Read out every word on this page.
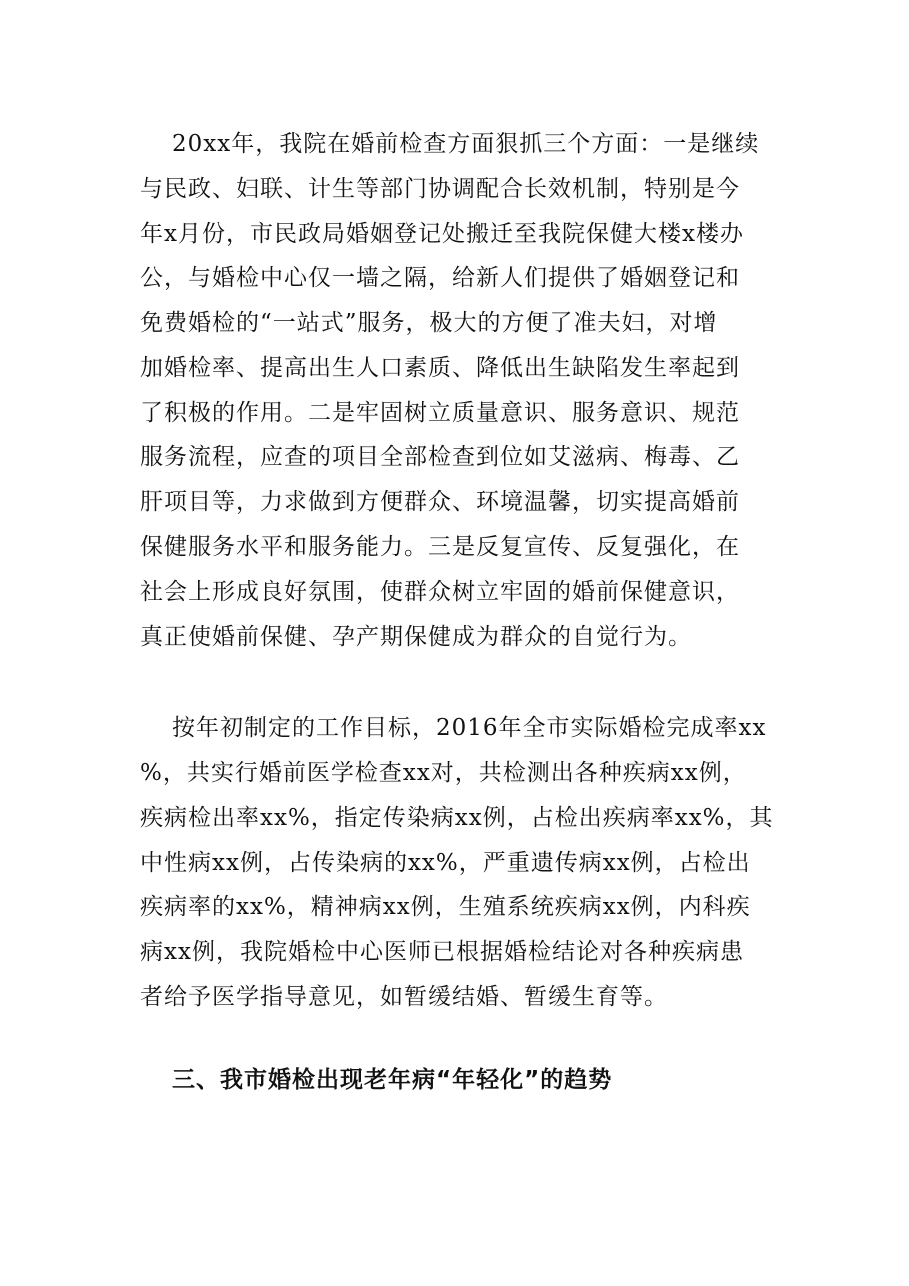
20xx年，我院在婚前检查方面狠抓三个方面：一是继续
与民政、妇联、计生等部门协调配合长效机制，特别是今
年x月份，市民政局婚姻登记处搬迁至我院保健大楼x楼办
公，与婚检中心仅一墙之隔，给新人们提供了婚姻登记和
免费婚检的“一站式”服务，极大的方便了准夫妇，对增
加婚检率、提高出生人口素质、降低出生缺陷发生率起到
了积极的作用。二是牢固树立质量意识、服务意识、规范
服务流程，应查的项目全部检查到位如艾滋病、梅毒、乙
肝项目等，力求做到方便群众、环境温馨，切实提高婚前
保健服务水平和服务能力。三是反复宣传、反复强化，在
社会上形成良好氛围，使群众树立牢固的婚前保健意识，
真正使婚前保健、孕产期保健成为群众的自觉行为。
按年初制定的工作目标，2016年全市实际婚检完成率xx
%，共实行婚前医学检查xx对，共检测出各种疾病xx例，
疾病检出率xx%，指定传染病xx例，占检出疾病率xx%，其
中性病xx例，占传染病的xx%，严重遗传病xx例，占检出
疾病率的xx%，精神病xx例，生殖系统疾病xx例，内科疾
病xx例，我院婚检中心医师已根据婚检结论对各种疾病患
者给予医学指导意见，如暂缓结婚、暂缓生育等。
三、我市婚检出现老年病“年轻化”的趋势
